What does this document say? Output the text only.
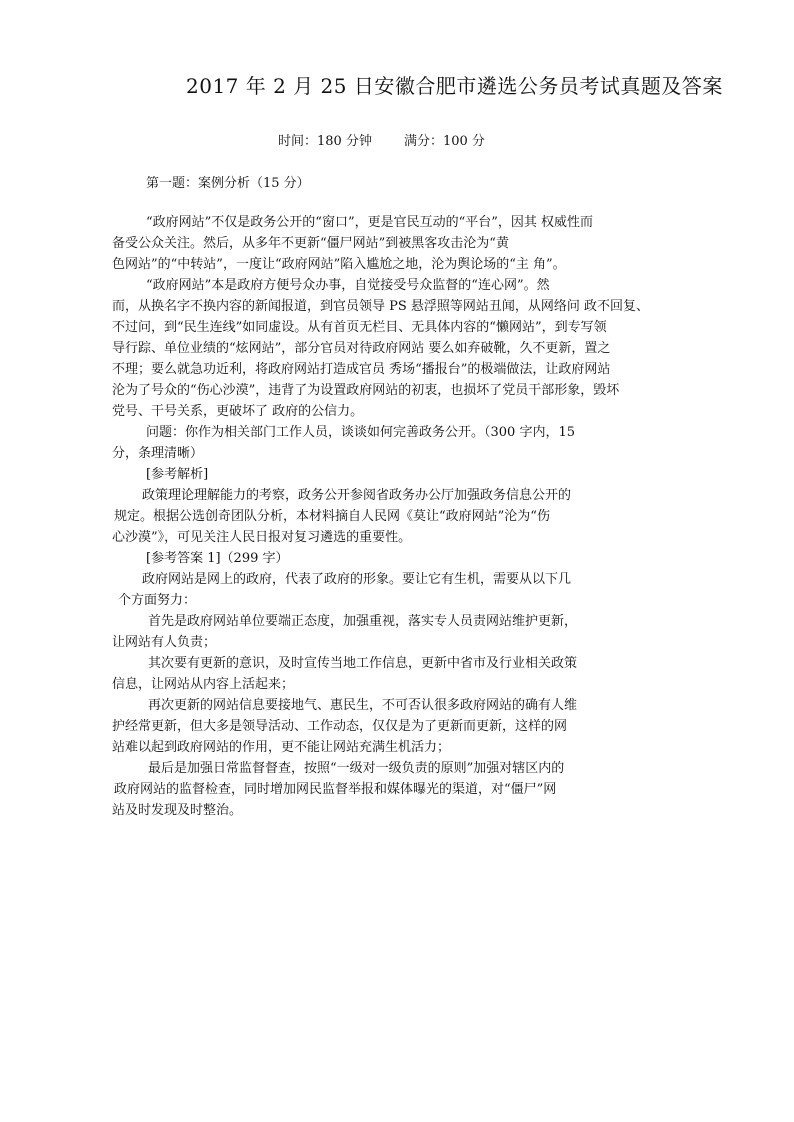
2017 年 2 月 25 日安徽合肥市遴选公务员考试真题及答案
时间：180 分钟 满分：100 分
第一题：案例分析（15 分）
“政府网站”不仅是政务公开的“窗口”，更是官民互动的“平台”，因其 权威性而
备受公众关注。然后，从多年不更新“僵尸网站”到被黑客攻击沦为“黄
色网站”的“中转站”，一度让“政府网站”陷入尴尬之地，沦为舆论场的“主 角”。
“政府网站”本是政府方便号众办事，自觉接受号众监督的“连心网”。然
而，从换名字不换内容的新闻报道，到官员领导 PS 悬浮照等网站丑闻，从网络问 政不回复、
不过问，到“民生连线”如同虚设。从有首页无栏目、无具体内容的“懒网站”，到专写领
导行踪、单位业绩的“炫网站”，部分官员对待政府网站 要么如弃破靴，久不更新，置之
不理；要么就急功近利，将政府网站打造成官员 秀场“播报台”的极端做法，让政府网站
沦为了号众的“伤心沙漠”，违背了为设置政府网站的初衷，也损坏了党员干部形象，毁坏
党号、干号关系，更破坏了 政府的公信力。
问题：你作为相关部门工作人员，谈谈如何完善政务公开。（300 字内，15
分，条理清晰）
[参考解析]
政策理论理解能力的考察，政务公开参阅省政务办公厅加强政务信息公开的
规定。根据公选创奇团队分析，本材料摘自人民网《莫让“政府网站”沦为“伤
心沙漠”》，可见关注人民日报对复习遴选的重要性。
[参考答案 1]（299 字）
政府网站是网上的政府，代表了政府的形象。要让它有生机，需要从以下几
个方面努力：
首先是政府网站单位要端正态度，加强重视，落实专人员责网站维护更新，
让网站有人负责；
其次要有更新的意识，及时宣传当地工作信息，更新中省市及行业相关政策
信息，让网站从内容上活起来；
再次更新的网站信息要接地气、惠民生，不可否认很多政府网站的确有人维
护经常更新，但大多是领导活动、工作动态，仅仅是为了更新而更新，这样的网
站难以起到政府网站的作用，更不能让网站充满生机活力；
最后是加强日常监督督查，按照“一级对一级负责的原则”加强对辖区内的
政府网站的监督检查，同时增加网民监督举报和媒体曝光的渠道，对“僵尸”网
站及时发现及时整治。
